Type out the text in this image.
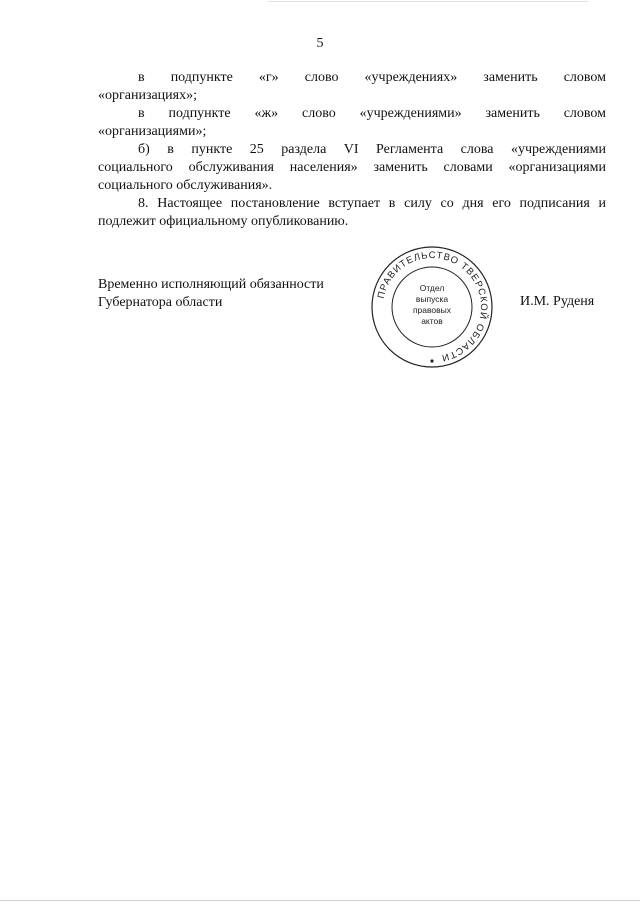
5

в подпункте «г» слово «учреждениях» заменить словом

«организациях»;

в подпункте «ж» слово «учреждениями» заменить словом

«организациями»;

б) в пункте 25 раздела VI Регламента слова «учреждениями

социального обслуживания населения» заменить словами «организациями

социального обслуживания».

8. Настоящее постановление вступает в силу со дня его подписания и

подлежит официальному опубликованию.

Временно исполняющий обязанности
Губернатора области
ПРАВИТЕЛЬСТВО ТВЕРСКОЙ ОБЛАСТИ
Отдел
выпуска
правовых
актов
И.М. Руденя
